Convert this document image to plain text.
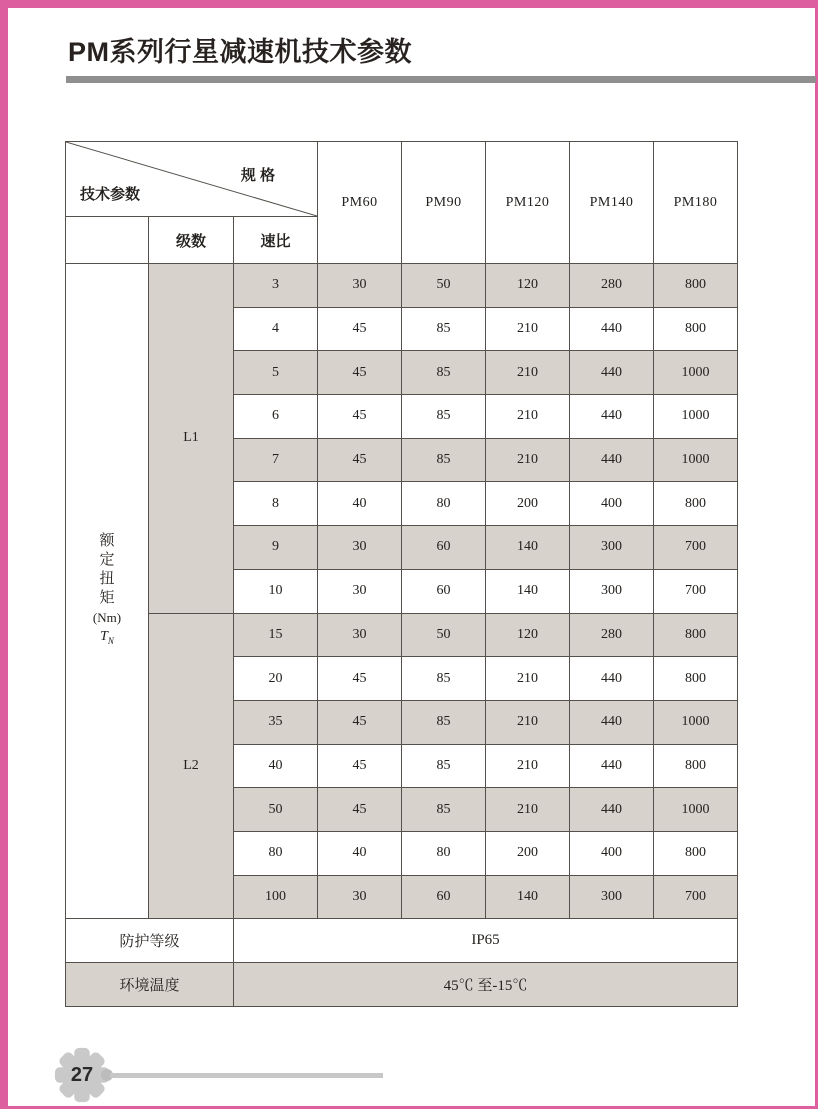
PM系列行星减速机技术参数
规 格
技术参数			PM60	PM90	PM120	PM140	PM180
	级数	速比					

额
定
扭
矩
(Nm)
$T_N$
	L1	3	30	50	120	280	800
		4	45	85	210	440	800
		5	45	85	210	440	1000
		6	45	85	210	440	1000
		7	45	85	210	440	1000
		8	40	80	200	400	800
		9	30	60	140	300	700
		10	30	60	140	300	700
	L2	15	30	50	120	280	800
		20	45	85	210	440	800
		35	45	85	210	440	1000
		40	45	85	210	440	800
		50	45	85	210	440	1000
		80	40	80	200	400	800
		100	30	60	140	300	700
防护等级		IP65					
环境温度		45℃ 至-15℃					
27
